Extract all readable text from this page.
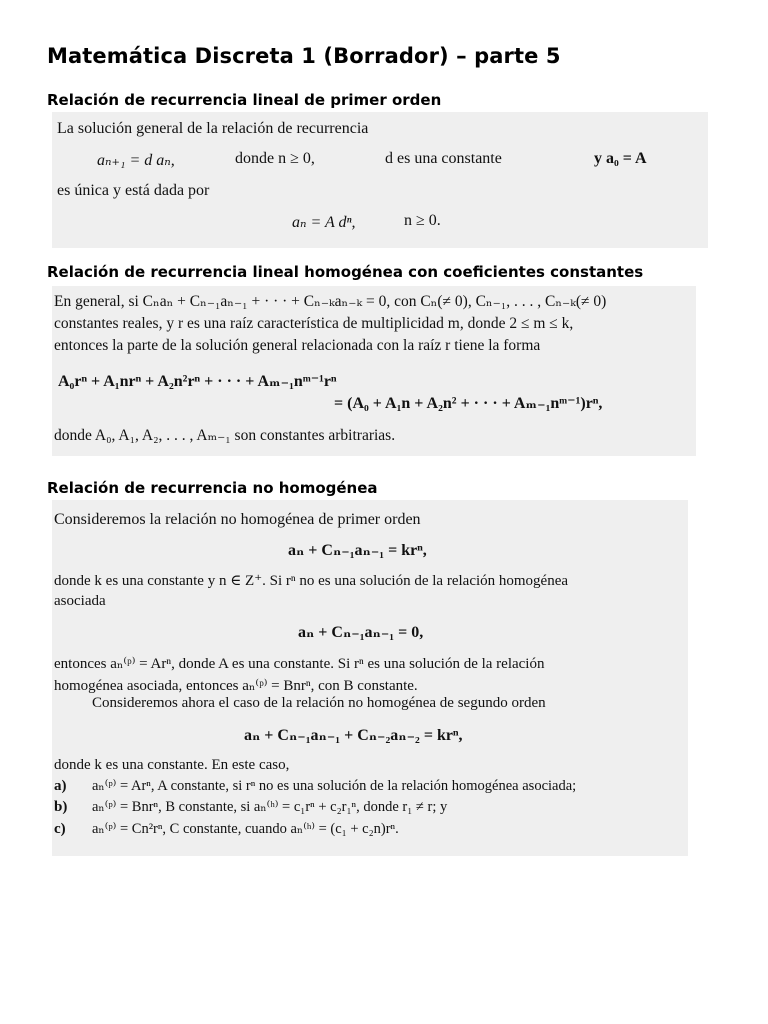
Matemática Discreta 1 (Borrador) – parte 5
Relación de recurrencia lineal de primer orden
La solución general de la relación de recurrencia
aₙ₊₁ = d aₙ,	donde n ≥ 0,	d es una constante	y a₀ = A
es única y está dada por
aₙ = A dⁿ,	n ≥ 0.
Relación de recurrencia lineal homogénea con coeficientes constantes
En general, si Cₙaₙ + Cₙ₋₁aₙ₋₁ + · · · + Cₙ₋ₖaₙ₋ₖ = 0, con Cₙ(≠ 0), Cₙ₋₁, . . . , Cₙ₋ₖ(≠ 0)
constantes reales, y r es una raíz característica de multiplicidad m, donde 2 ≤ m ≤ k,
entonces la parte de la solución general relacionada con la raíz r tiene la forma
A₀rⁿ + A₁nrⁿ + A₂n²rⁿ + · · · + Aₘ₋₁nᵐ⁻¹rⁿ
= (A₀ + A₁n + A₂n² + · · · + Aₘ₋₁nᵐ⁻¹)rⁿ,
donde A₀, A₁, A₂, . . . , Aₘ₋₁ son constantes arbitrarias.
Relación de recurrencia no homogénea
Consideremos la relación no homogénea de primer orden
aₙ + Cₙ₋₁aₙ₋₁ = krⁿ,
donde k es una constante y n ∈ Z⁺. Si rⁿ no es una solución de la relación homogénea
asociada
aₙ + Cₙ₋₁aₙ₋₁ = 0,
entonces aₙ⁽ᵖ⁾ = Arⁿ, donde A es una constante. Si rⁿ es una solución de la relación
homogénea asociada, entonces aₙ⁽ᵖ⁾ = Bnrⁿ, con B constante.
Consideremos ahora el caso de la relación no homogénea de segundo orden
aₙ + Cₙ₋₁aₙ₋₁ + Cₙ₋₂aₙ₋₂ = krⁿ,
donde k es una constante. En este caso,
a) aₙ⁽ᵖ⁾ = Arⁿ, A constante, si rⁿ no es una solución de la relación homogénea asociada;
b) aₙ⁽ᵖ⁾ = Bnrⁿ, B constante, si aₙ⁽ʰ⁾ = c₁rⁿ + c₂r₁ⁿ, donde r₁ ≠ r; y
c) aₙ⁽ᵖ⁾ = Cn²rⁿ, C constante, cuando aₙ⁽ʰ⁾ = (c₁ + c₂n)rⁿ.
